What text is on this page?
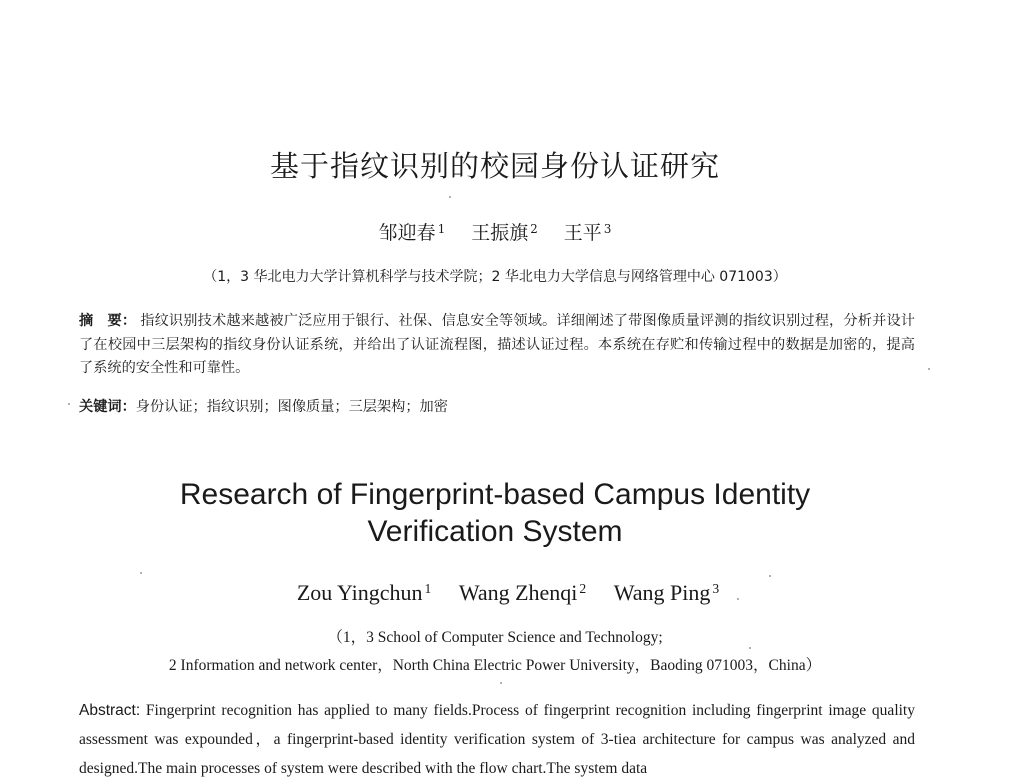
基于指纹识别的校园身份认证研究
邹迎春 $^1$ 王振旗 $^2$ 王平 $^3$
（1，3 华北电力大学计算机科学与技术学院；2 华北电力大学信息与网络管理中心 071003）
摘 要： 指纹识别技术越来越被广泛应用于银行、社保、信息安全等领域。详细阐述了带图像质量评测的指纹识别过程，分析并设计了在校园中三层架构的指纹身份认证系统，并给出了认证流程图，描述认证过程。本系统在存贮和传输过程中的数据是加密的，提高了系统的安全性和可靠性。
关键词：身份认证；指纹识别；图像质量；三层架构；加密
Research of Fingerprint-based Campus Identity
Verification System
Zou Yingchun $^1$ Wang Zhenqi $^2$ Wang Ping $^3$
（1，3 School of Computer Science and Technology;
2 Information and network center，North China Electric Power University，Baoding 071003，China）
Abstract: Fingerprint recognition has applied to many fields.Process of fingerprint recognition including fingerprint image quality assessment was expounded，a fingerprint-based identity verification system of 3-tiea architecture for campus was analyzed and designed.The main processes of system were described with the flow chart.The system data
